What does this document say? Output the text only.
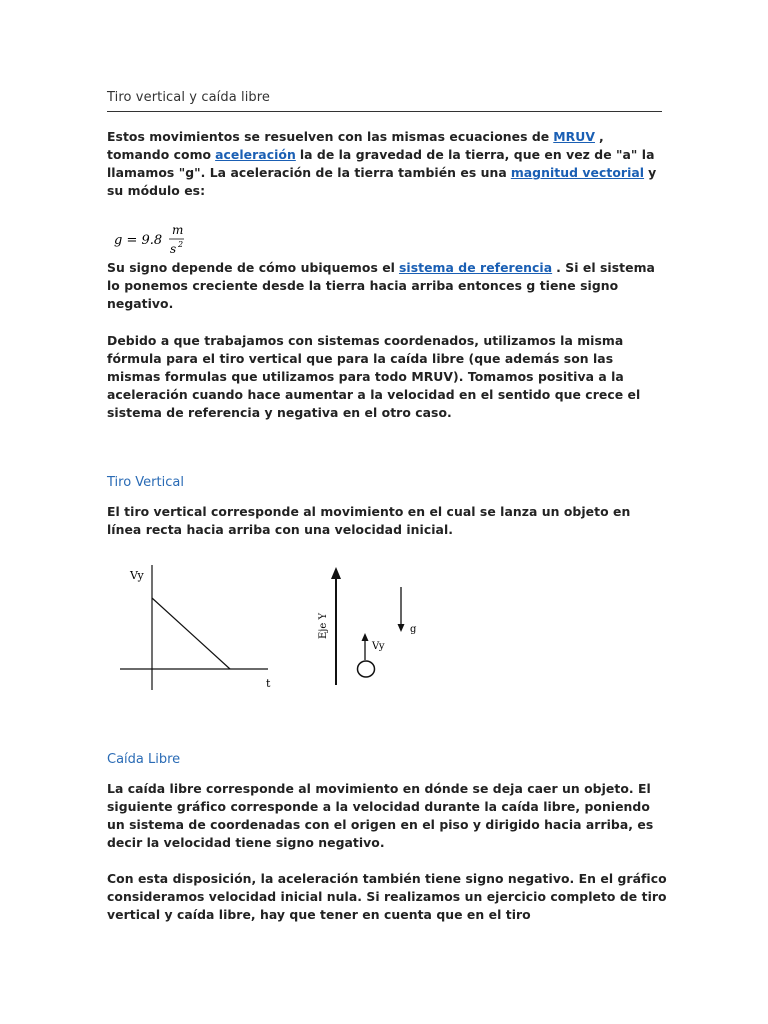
Tiro vertical y caída libre
Estos movimientos se resuelven con las mismas ecuaciones de MRUV , tomando como aceleración la de la gravedad de la tierra, que en vez de "a" la llamamos "g". La aceleración de la tierra también es una magnitud vectorial y su módulo es:
g = 9.8
m
s 2
Su signo depende de cómo ubiquemos el sistema de referencia . Si el sistema lo ponemos creciente desde la tierra hacia arriba entonces g tiene signo negativo.
Debido a que trabajamos con sistemas coordenados, utilizamos la misma fórmula para el tiro vertical que para la caída libre (que además son las mismas formulas que utilizamos para todo MRUV). Tomamos positiva a la aceleración cuando hace aumentar a la velocidad en el sentido que crece el sistema de referencia y negativa en el otro caso.
Tiro Vertical
El tiro vertical corresponde al movimiento en el cual se lanza un objeto en línea recta hacia arriba con una velocidad inicial.
Vy
t
Eje Y
Vy
g
Caída Libre
La caída libre corresponde al movimiento en dónde se deja caer un objeto. El siguiente gráfico corresponde a la velocidad durante la caída libre, poniendo un sistema de coordenadas con el origen en el piso y dirigido hacia arriba, es decir la velocidad tiene signo negativo.
Con esta disposición, la aceleración también tiene signo negativo. En el gráfico consideramos velocidad inicial nula. Si realizamos un ejercicio completo de tiro vertical y caída libre, hay que tener en cuenta que en el tiro
